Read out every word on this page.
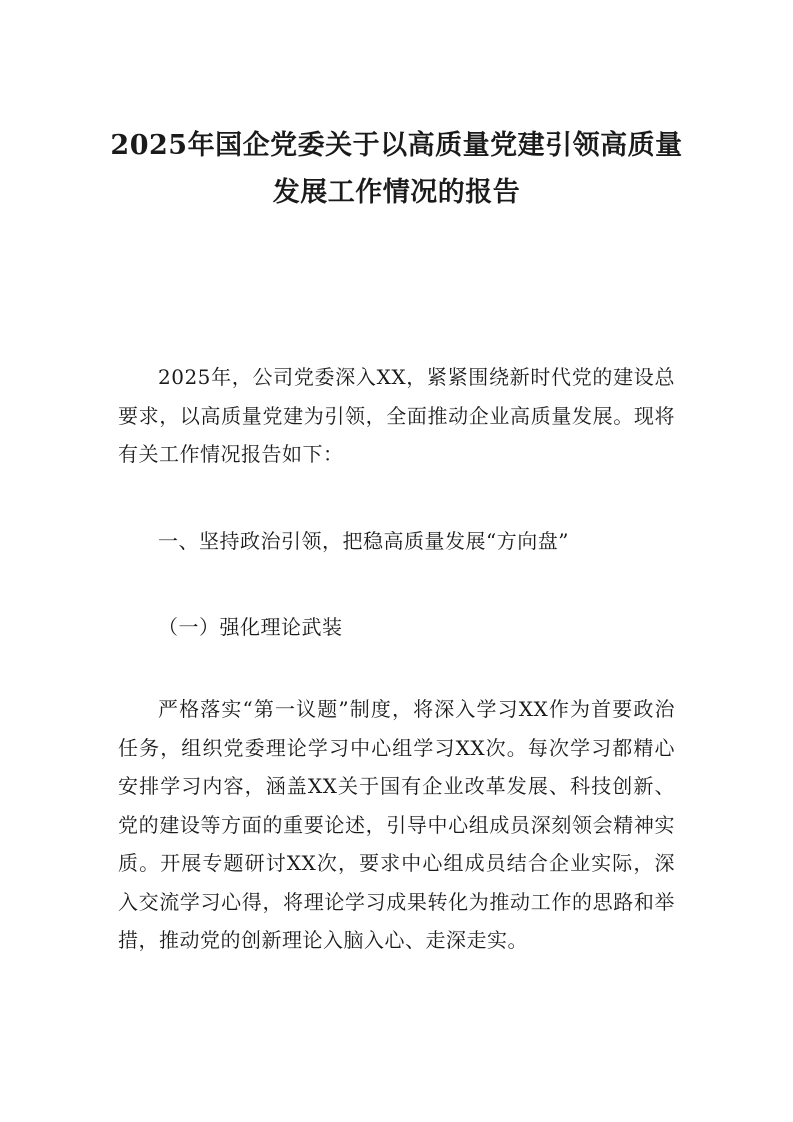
2025年国企党委关于以高质量党建引领高质量发展工作情况的报告

2025年，公司党委深入XX，紧紧围绕新时代党的建设总要求，以高质量党建为引领，全面推动企业高质量发展。现将有关工作情况报告如下：

一、坚持政治引领，把稳高质量发展“方向盘”

（一）强化理论武装

严格落实“第一议题”制度，将深入学习XX作为首要政治任务，组织党委理论学习中心组学习XX次。每次学习都精心安排学习内容，涵盖XX关于国有企业改革发展、科技创新、党的建设等方面的重要论述，引导中心组成员深刻领会精神实质。开展专题研讨XX次，要求中心组成员结合企业实际，深入交流学习心得，将理论学习成果转化为推动工作的思路和举措，推动党的创新理论入脑入心、走深走实。
